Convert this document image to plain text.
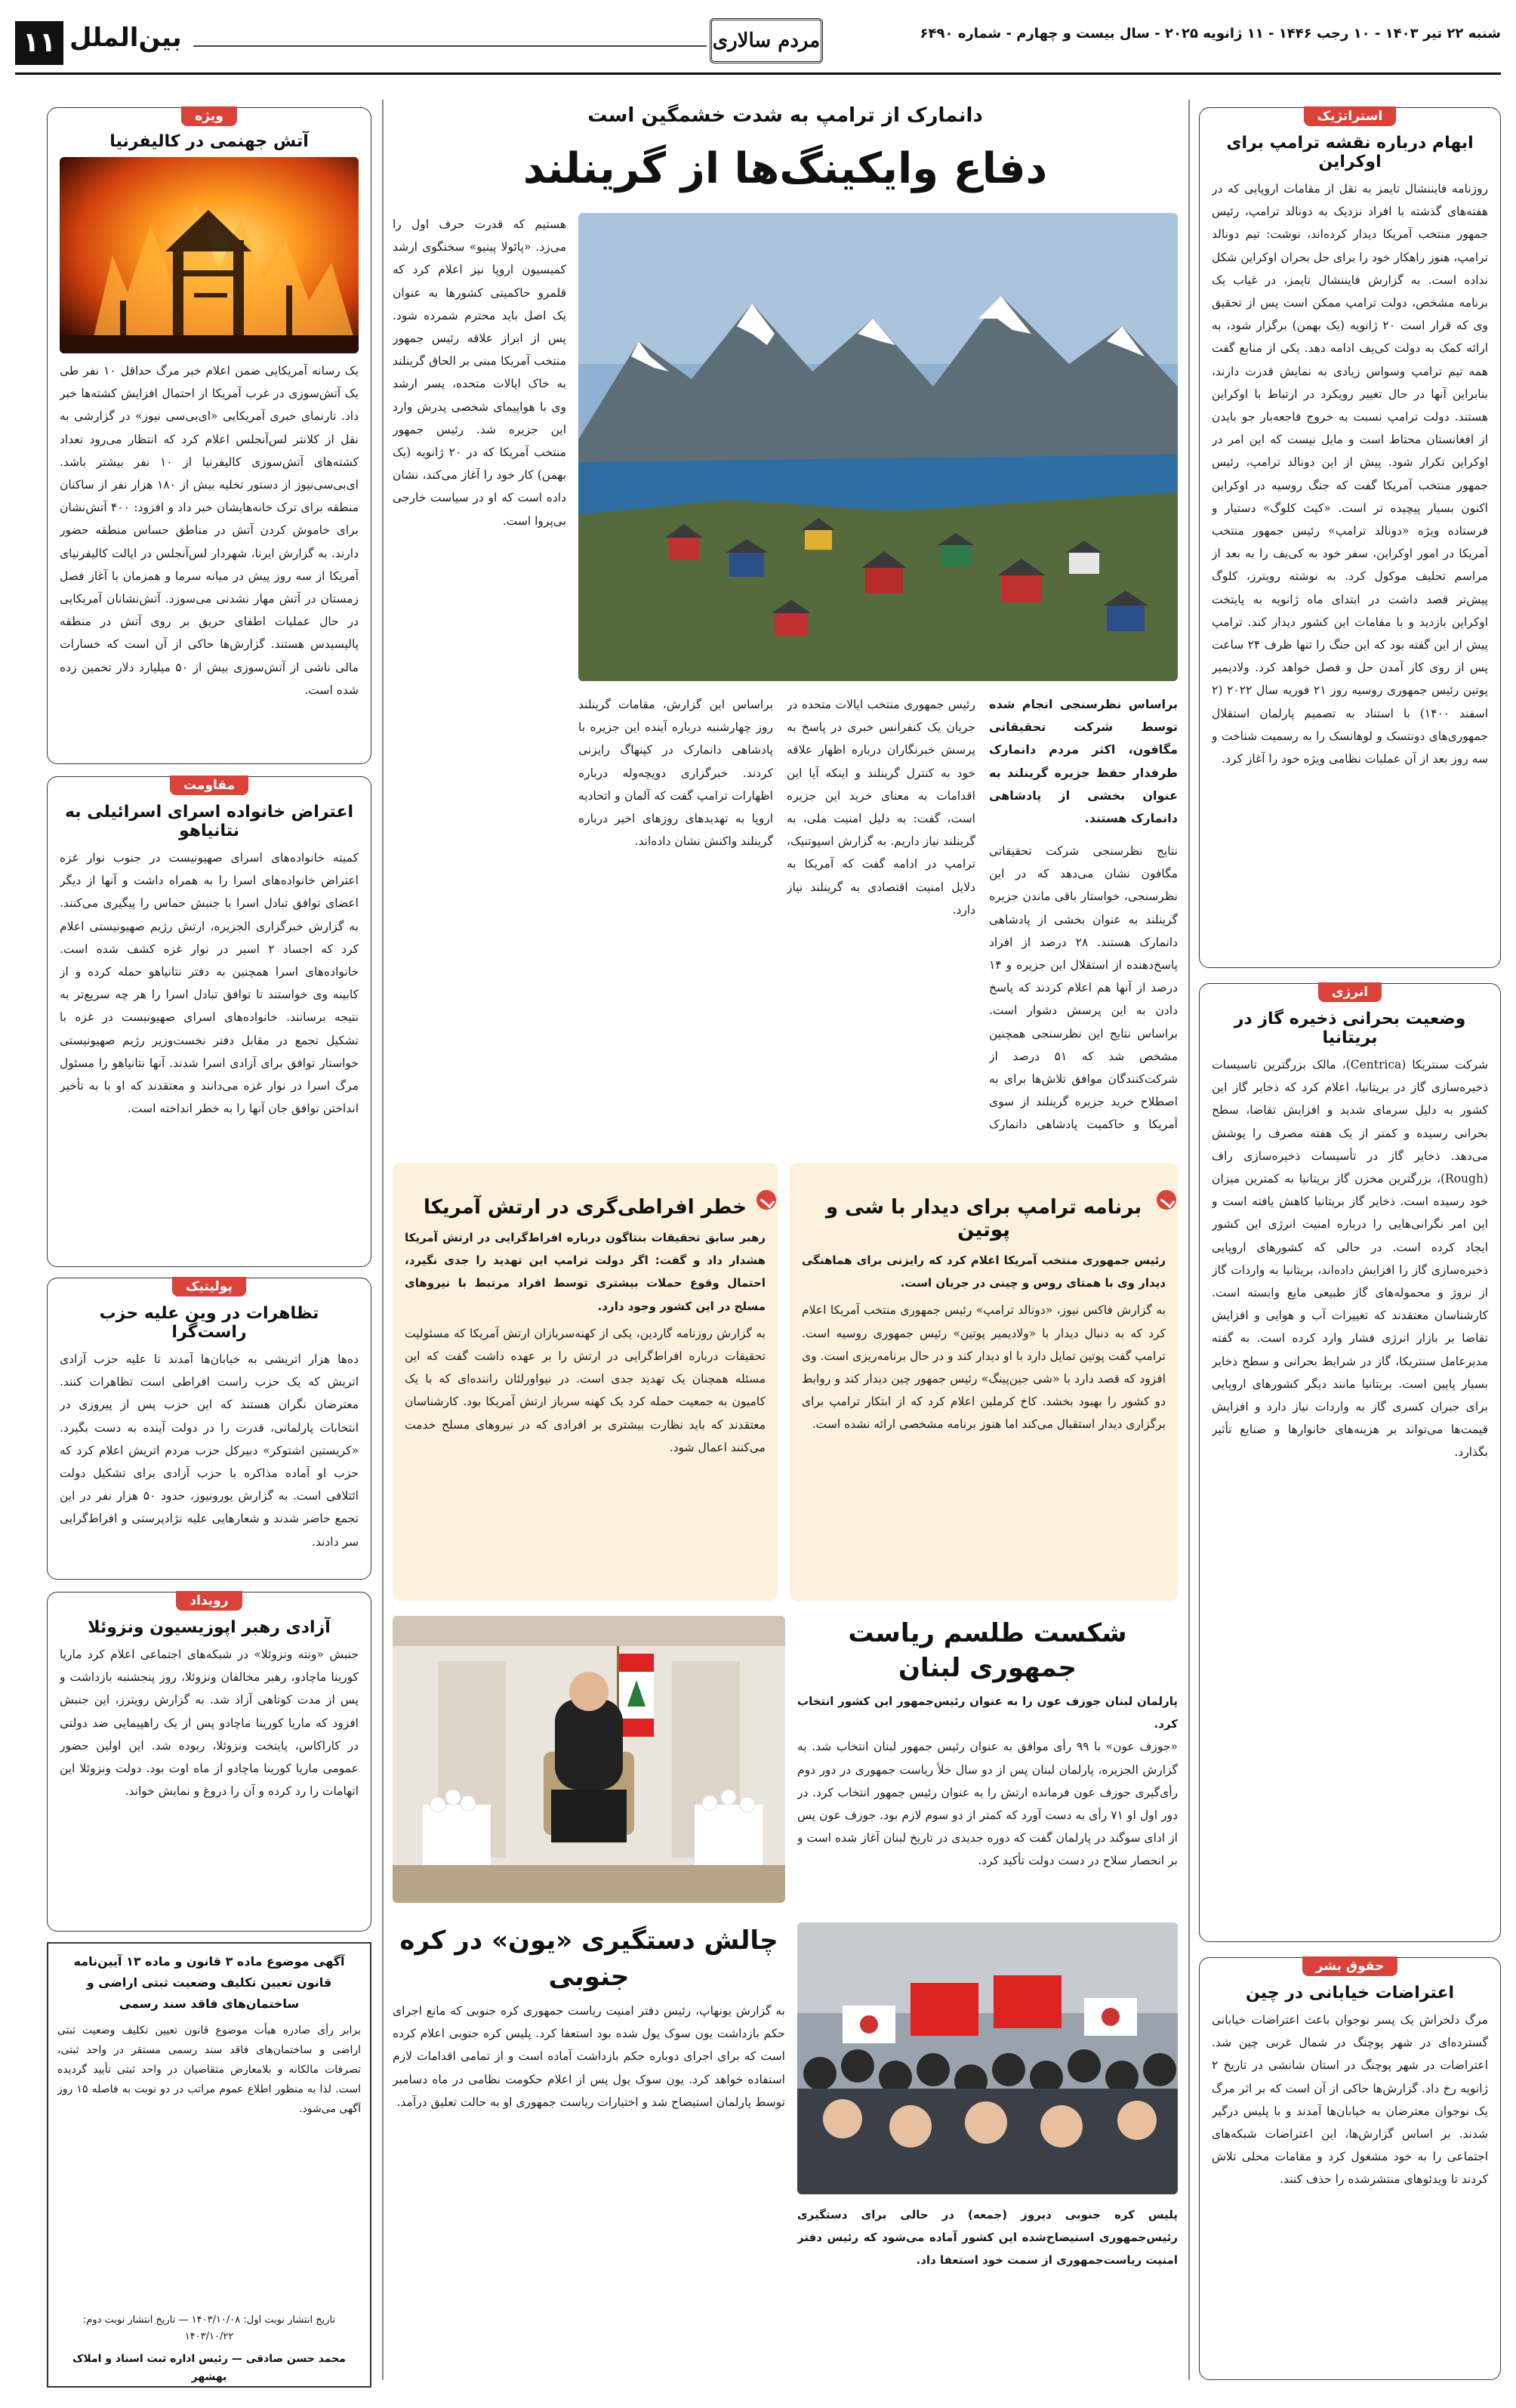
۱۱ بین‌الملل	مردم سالاری	شنبه ۲۲ تیر ۱۴۰۳ - ۱۰ رجب ۱۴۴۶ - ۱۱ ژانویه ۲۰۲۵ - سال بیست و چهارم - شماره ۶۴۹۰
استراتژیک
ابهام درباره نقشه ترامپ برای اوکراین
روزنامه فایننشال تایمز به نقل از مقامات اروپایی که در هفته‌های گذشته با افراد نزدیک به دونالد ترامپ، رئیس جمهور منتخب آمریکا دیدار کرده‌اند، نوشت: تیم دونالد ترامپ، هنوز راهکار خود را برای حل بحران اوکراین شکل نداده است. به گزارش فایننشال تایمز، در غیاب یک برنامه مشخص، دولت ترامپ ممکن است پس از تحقیق وی که قرار است ۲۰ ژانویه (یک بهمن) برگزار شود، به ارائه کمک به دولت کی‌یف ادامه دهد. یکی از منابع گفت همه تیم ترامپ وسواس زیادی به نمایش قدرت دارند، بنابراین آنها در حال تغییر رویکرد در ارتباط با اوکراین هستند. دولت ترامپ نسبت به خروج فاجعه‌بار جو بایدن از افغانستان محتاط است و مایل نیست که این امر در اوکراین تکرار شود. پیش از این دونالد ترامپ، رئیس جمهور منتخب آمریکا گفت که جنگ روسیه در اوکراین اکنون بسیار پیچیده تر است. «کیث کلوگ» دستیار و فرستاده ویژه «دونالد ترامپ» رئیس جمهور منتخب آمریکا در امور اوکراین، سفر خود به کی‌یف را به بعد از مراسم تحلیف موکول کرد. به نوشته رویترز، کلوگ پیش‌تر قصد داشت در ابتدای ماه ژانویه به پایتخت اوکراین بازدید و با مقامات این کشور دیدار کند. ترامپ پیش از این گفته بود که این جنگ را تنها ظرف ۲۴ ساعت پس از روی کار آمدن حل و فصل خواهد کرد. ولادیمیر پوتین رئیس جمهوری روسیه روز ۲۱ فوریه سال ۲۰۲۲ (۲ اسفند ۱۴۰۰) با استناد به تصمیم پارلمان استقلال جمهوری‌های دونتسک و لوهانسک را به رسمیت شناخت و سه روز بعد از آن عملیات نظامی ویژه خود را آغاز کرد.
انرژی
وضعیت بحرانی ذخیره گاز در بریتانیا
شرکت سنتریکا (Centrica)، مالک بزرگترین تاسیسات ذخیره‌سازی گاز در بریتانیا، اعلام کرد که ذخایر گاز این کشور به دلیل سرمای شدید و افزایش تقاضا، سطح بحرانی رسیده و کمتر از یک هفته مصرف را پوشش می‌دهد. ذخایر گاز در تأسیسات ذخیره‌سازی راف (Rough)، بزرگترین مخزن گاز بریتانیا به کمترین میزان خود رسیده است. ذخایر گاز بریتانیا کاهش یافته است و این امر نگرانی‌هایی را درباره امنیت انرژی این کشور ایجاد کرده است. در حالی که کشورهای اروپایی ذخیره‌سازی گاز را افزایش داده‌اند، بریتانیا به واردات گاز از نروژ و محموله‌های گاز طبیعی مایع وابسته است. کارشناسان معتقدند که تغییرات آب و هوایی و افزایش تقاضا بر بازار انرژی فشار وارد کرده است. به گفته مدیرعامل سنتریکا، گاز در شرایط بحرانی و سطح ذخایر بسیار پایین است. بریتانیا مانند دیگر کشورهای اروپایی برای جبران کسری گاز به واردات نیاز دارد و افزایش قیمت‌ها می‌تواند بر هزینه‌های خانوارها و صنایع تأثیر بگذارد.
حقوق بشر
اعتراضات خیابانی در چین
مرگ دلخراش یک پسر نوجوان باعث اعتراضات خیابانی گسترده‌ای در شهر پوچنگ در شمال غربی چین شد. اعتراضات در شهر پوچنگ در استان شانشی در تاریخ ۲ ژانویه رخ داد. گزارش‌ها حاکی از آن است که بر اثر مرگ یک نوجوان معترضان به خیابان‌ها آمدند و با پلیس درگیر شدند. بر اساس گزارش‌ها، این اعتراضات شبکه‌های اجتماعی را به خود مشغول کرد و مقامات محلی تلاش کردند تا ویدئوهای منتشرشده را حذف کنند.
ویژه
آتش جهنمی در کالیفرنیا
یک رسانه آمریکایی ضمن اعلام خبر مرگ حداقل ۱۰ نفر طی یک آتش‌سوزی در غرب آمریکا از احتمال افزایش کشته‌ها خبر داد. تارنمای خبری آمریکایی «ای‌بی‌سی نیوز» در گزارشی به نقل از کلانتر لس‌آنجلس اعلام کرد که انتظار می‌رود تعداد کشته‌های آتش‌سوزی کالیفرنیا از ۱۰ نفر بیشتر باشد. ای‌بی‌سی‌نیوز از دستور تخلیه بیش از ۱۸۰ هزار نفر از ساکنان منطقه برای ترک خانه‌هایشان خبر داد و افزود: ۴۰۰ آتش‌نشان برای خاموش کردن آتش در مناطق حساس منطقه حضور دارند. به گزارش ایرنا، شهردار لس‌آنجلس در ایالت کالیفرنیای آمریکا از سه روز پیش در میانه سرما و همزمان با آغاز فصل زمستان در آتش مهار نشدنی می‌سوزد. آتش‌نشانان آمریکایی در حال عملیات اطفای حریق بر روی آتش در منطقه پالیسیدس هستند. گزارش‌ها حاکی از آن است که خسارات مالی ناشی از آتش‌سوزی بیش از ۵۰ میلیارد دلار تخمین زده شده است.
مقاومت
اعتراض خانواده اسرای اسرائیلی به نتانیاهو
کمیته خانواده‌های اسرای صهیونیست در جنوب نوار غزه اعتراض خانواده‌های اسرا را به همراه داشت و آنها از دیگر اعضای توافق تبادل اسرا با جنبش حماس را پیگیری می‌کنند. به گزارش خبرگزاری الجزیره، ارتش رژیم صهیونیستی اعلام کرد که اجساد ۲ اسیر در نوار غزه کشف شده است. خانواده‌های اسرا همچنین به دفتر نتانیاهو حمله کرده و از کابینه وی خواستند تا توافق تبادل اسرا را هر چه سریع‌تر به نتیجه برسانند. خانواده‌های اسرای صهیونیست در غزه با تشکیل تجمع در مقابل دفتر نخست‌وزیر رژیم صهیونیستی خواستار توافق برای آزادی اسرا شدند. آنها نتانیاهو را مسئول مرگ اسرا در نوار غزه می‌دانند و معتقدند که او با به تأخیر انداختن توافق جان آنها را به خطر انداخته است.
پولیتیک
تظاهرات در وین علیه حزب راست‌گرا
ده‌ها هزار اتریشی به خیابان‌ها آمدند تا علیه حزب آزادی اتریش که یک حزب راست افراطی است تظاهرات کنند. معترضان نگران هستند که این حزب پس از پیروزی در انتخابات پارلمانی، قدرت را در دولت آینده به دست بگیرد. «کریستین اشتوکر» دبیرکل حزب مردم اتریش اعلام کرد که حزب او آماده مذاکره با حزب آزادی برای تشکیل دولت ائتلافی است. به گزارش یورونیوز، حدود ۵۰ هزار نفر در این تجمع حاضر شدند و شعارهایی علیه نژادپرستی و افراط‌گرایی سر دادند.
رویداد
آزادی رهبر اپوزیسیون ونزوئلا
جنبش «ونته ونزوئلا» در شبکه‌های اجتماعی اعلام کرد ماریا کورینا ماچادو، رهبر مخالفان ونزوئلا، روز پنجشنبه بازداشت و پس از مدت کوتاهی آزاد شد. به گزارش رویترز، این جنبش افزود که ماریا کورینا ماچادو پس از یک راهپیمایی ضد دولتی در کاراکاس، پایتخت ونزوئلا، ربوده شد. این اولین حضور عمومی ماریا کورینا ماچادو از ماه اوت بود. دولت ونزوئلا این اتهامات را رد کرده و آن را دروغ و نمایش خواند.
آگهی موضوع ماده ۳ قانون و ماده ۱۳ آیین‌نامه قانون تعیین تکلیف وضعیت ثبتی اراضی و ساختمان‌های فاقد سند رسمی
برابر رأی صادره هیأت موضوع قانون تعیین تکلیف وضعیت ثبتی اراضی و ساختمان‌های فاقد سند رسمی مستقر در واحد ثبتی، تصرفات مالکانه و بلامعارض متقاضیان در واحد ثبتی تأیید گردیده است. لذا به منظور اطلاع عموم مراتب در دو نوبت به فاصله ۱۵ روز آگهی می‌شود.
تاریخ انتشار نوبت اول: ۱۴۰۳/۱۰/۰۸ — تاریخ انتشار نوبت دوم: ۱۴۰۳/۱۰/۲۲
محمد حسن صادقی — رئیس اداره ثبت اسناد و املاک بهشهر
دانمارک از ترامپ به شدت خشمگین است
دفاع وایکینگ‌ها از گرینلند
هستیم که قدرت حرف اول را می‌زد. «پائولا پینیو» سخنگوی ارشد کمیسیون اروپا نیز اعلام کرد که قلمرو حاکمیتی کشورها به عنوان یک اصل باید محترم شمرده شود. پس از ابراز علاقه رئیس جمهور منتخب آمریکا مبنی بر الحاق گرینلند به خاک ایالات متحده، پسر ارشد وی با هواپیمای شخصی پدرش وارد این جزیره شد. رئیس جمهور منتخب آمریکا که در ۲۰ ژانویه (یک بهمن) کار خود را آغاز می‌کند، نشان داده است که او در سیاست خارجی بی‌پروا است.
براساس نظرسنجی انجام شده توسط شرکت تحقیقاتی مگافون، اکثر مردم دانمارک طرفدار حفظ جزیره گرینلند به عنوان بخشی از پادشاهی دانمارک هستند.
نتایج نظرسنجی شرکت تحقیقاتی مگافون نشان می‌دهد که در این نظرسنجی، خواستار باقی ماندن جزیره گرینلند به عنوان بخشی از پادشاهی دانمارک هستند. ۲۸ درصد از افراد پاسخ‌دهنده از استقلال این جزیره و ۱۴ درصد از آنها هم اعلام کردند که پاسخ دادن به این پرسش دشوار است. براساس نتایج این نظرسنجی همچنین مشخص شد که ۵۱ درصد از شرکت‌کنندگان موافق تلاش‌ها برای به اصطلاح خرید جزیره گرینلند از سوی آمریکا و حاکمیت پادشاهی دانمارک
رئیس جمهوری منتخب ایالات متحده در جریان یک کنفرانس خبری در پاسخ به پرسش خبرنگاران درباره اظهار علاقه خود به کنترل گرینلند و اینکه آیا این اقدامات به معنای خرید این جزیره است، گفت: به دلیل امنیت ملی، به گرینلند نیاز داریم. به گزارش اسپوتنیک، ترامپ در ادامه گفت که آمریکا به دلایل امنیت اقتصادی به گرینلند نیاز دارد.
براساس این گزارش، مقامات گرینلند روز چهارشنبه درباره آینده این جزیره با پادشاهی دانمارک در کپنهاگ رایزنی کردند. خبرگزاری دویچه‌وله درباره اظهارات ترامپ گفت که آلمان و اتحادیه اروپا به تهدیدهای روزهای اخیر درباره گرینلند واکنش نشان داده‌اند.
خطر افراطی‌گری در ارتش آمریکا
رهبر سابق تحقیقات بنتاگون درباره افراط‌گرایی در ارتش آمریکا هشدار داد و گفت: اگر دولت ترامپ این تهدید را جدی نگیرد، احتمال وقوع حملات بیشتری توسط افراد مرتبط با نیروهای مسلح در این کشور وجود دارد.
به گزارش روزنامه گاردین، یکی از کهنه‌سربازان ارتش آمریکا که مسئولیت تحقیقات درباره افراط‌گرایی در ارتش را بر عهده داشت گفت که این مسئله همچنان یک تهدید جدی است. در نیواورلئان راننده‌ای که با یک کامیون به جمعیت حمله کرد یک کهنه سرباز ارتش آمریکا بود. کارشناسان معتقدند که باید نظارت بیشتری بر افرادی که در نیروهای مسلح خدمت می‌کنند اعمال شود.
برنامه ترامپ برای دیدار با شی و پوتین
رئیس جمهوری منتخب آمریکا اعلام کرد که رایزنی برای هماهنگی دیدار وی با همتای روس و چینی در جریان است.
به گزارش فاکس نیوز، «دونالد ترامپ» رئیس جمهوری منتخب آمریکا اعلام کرد که به دنبال دیدار با «ولادیمیر پوتین» رئیس جمهوری روسیه است. ترامپ گفت پوتین تمایل دارد با او دیدار کند و در حال برنامه‌ریزی است. وی افزود که قصد دارد با «شی جین‌پینگ» رئیس جمهور چین دیدار کند و روابط دو کشور را بهبود بخشد. کاخ کرملین اعلام کرد که از ابتکار ترامپ برای برگزاری دیدار استقبال می‌کند اما هنوز برنامه مشخصی ارائه نشده است.
شکست طلسم ریاست جمهوری لبنان
پارلمان لبنان جوزف عون را به عنوان رئیس‌جمهور این کشور انتخاب کرد.
«جوزف عون» با ۹۹ رأی موافق به عنوان رئیس جمهور لبنان انتخاب شد. به گزارش الجزیره، پارلمان لبنان پس از دو سال خلأ ریاست جمهوری در دور دوم رأی‌گیری جوزف عون فرمانده ارتش را به عنوان رئیس جمهور انتخاب کرد. در دور اول او ۷۱ رأی به دست آورد که کمتر از دو سوم لازم بود. جوزف عون پس از ادای سوگند در پارلمان گفت که دوره جدیدی در تاریخ لبنان آغاز شده است و بر انحصار سلاح در دست دولت تأکید کرد.
چالش دستگیری «یون» در کره جنوبی
به گزارش یونهاپ، رئیس دفتر امنیت ریاست جمهوری کره جنوبی که مانع اجرای حکم بازداشت یون سوک یول شده بود استعفا کرد. پلیس کره جنوبی اعلام کرده است که برای اجرای دوباره حکم بازداشت آماده است و از تمامی اقدامات لازم استفاده خواهد کرد. یون سوک یول پس از اعلام حکومت نظامی در ماه دسامبر توسط پارلمان استیضاح شد و اختیارات ریاست جمهوری او به حالت تعلیق درآمد.
پلیس کره جنوبی دیروز (جمعه) در حالی برای دستگیری رئیس‌جمهوری استیضاح‌شده این کشور آماده می‌شود که رئیس دفتر امنیت ریاست‌جمهوری از سمت خود استعفا داد.
